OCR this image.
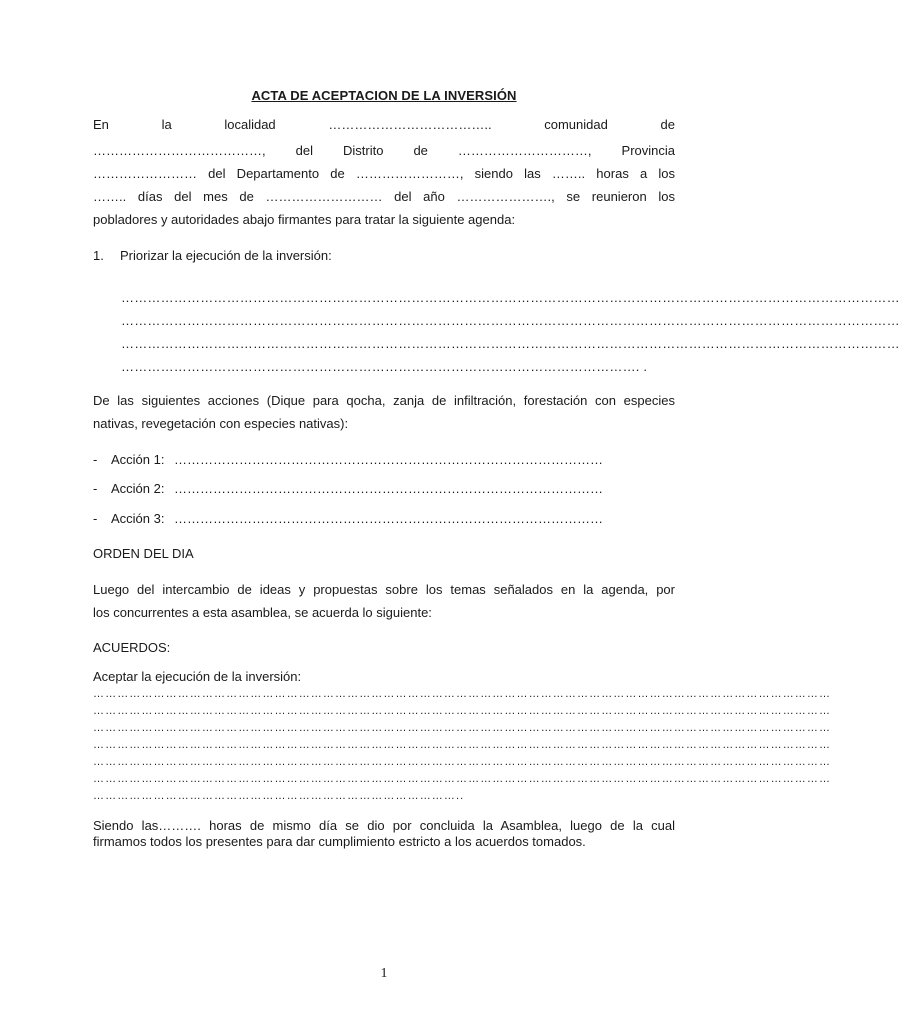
ACTA DE ACEPTACION DE LA INVERSIÓN
En	la	localidad	………………………………..	comunidad	de
…………………………………, del Distrito de …………………………, Provincia
…………………… del Departamento de ……………………, siendo las …….. horas a los
…….. días del mes de ……………………… del año …………………., se reunieron los
pobladores y autoridades abajo firmantes para tratar la siguiente agenda:
1. Priorizar la ejecución de la inversión:
……………………………………………………………………………………………………………………………………………………………
……………………………………………………………………………………………………………………………………………………………
……………………………………………………………………………………………………………………………………………………………
………………………………………………………………………………………………………. .
De las siguientes acciones (Dique para qocha, zanja de infiltración, forestación con especies
nativas, revegetación con especies nativas):
- Acción 1: ………………………………………………………………………………………
- Acción 2: ………………………………………………………………………………………
- Acción 3: ………………………………………………………………………………………
ORDEN DEL DIA
Luego del intercambio de ideas y propuestas sobre los temas señalados en la agenda, por
los concurrentes a esta asamblea, se acuerda lo siguiente:
ACUERDOS:
Aceptar la ejecución de la inversión:
…………………………………………………………………………………………………………………………………………………………………
…………………………………………………………………………………………………………………………………………………………………
…………………………………………………………………………………………………………………………………………………………………
…………………………………………………………………………………………………………………………………………………………………
…………………………………………………………………………………………………………………………………………………………………
…………………………………………………………………………………………………………………………………………………………………
………………………………………………………………………………..
Siendo las………. horas de mismo día se dio por concluida la Asamblea, luego de la cual
firmamos todos los presentes para dar cumplimiento estricto a los acuerdos tomados.
1
